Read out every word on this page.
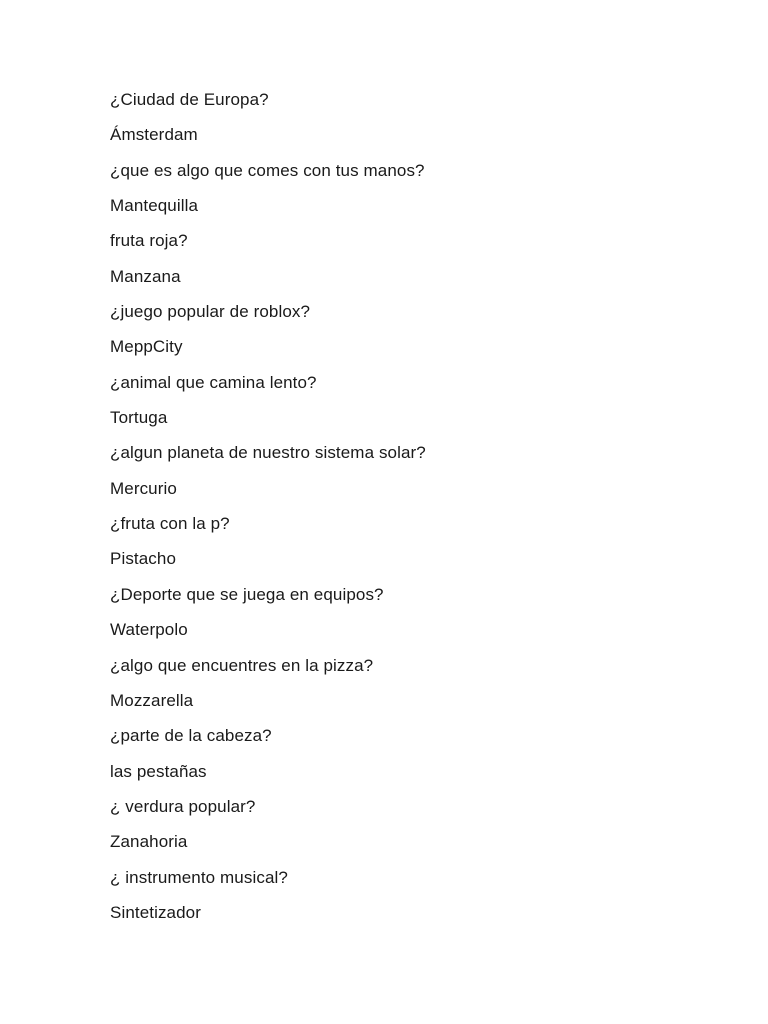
¿Ciudad de Europa?
Ámsterdam
¿que es algo que comes con tus manos?
Mantequilla
fruta roja?
Manzana
¿juego popular de roblox?
MeppCity
¿animal que camina lento?
Tortuga
¿algun planeta de nuestro sistema solar?
Mercurio
¿fruta con la p?
Pistacho
¿Deporte que se juega en equipos?
Waterpolo
¿algo que encuentres en la pizza?
Mozzarella
¿parte de la cabeza?
las pestañas
¿ verdura popular?
Zanahoria
¿ instrumento musical?
Sintetizador
